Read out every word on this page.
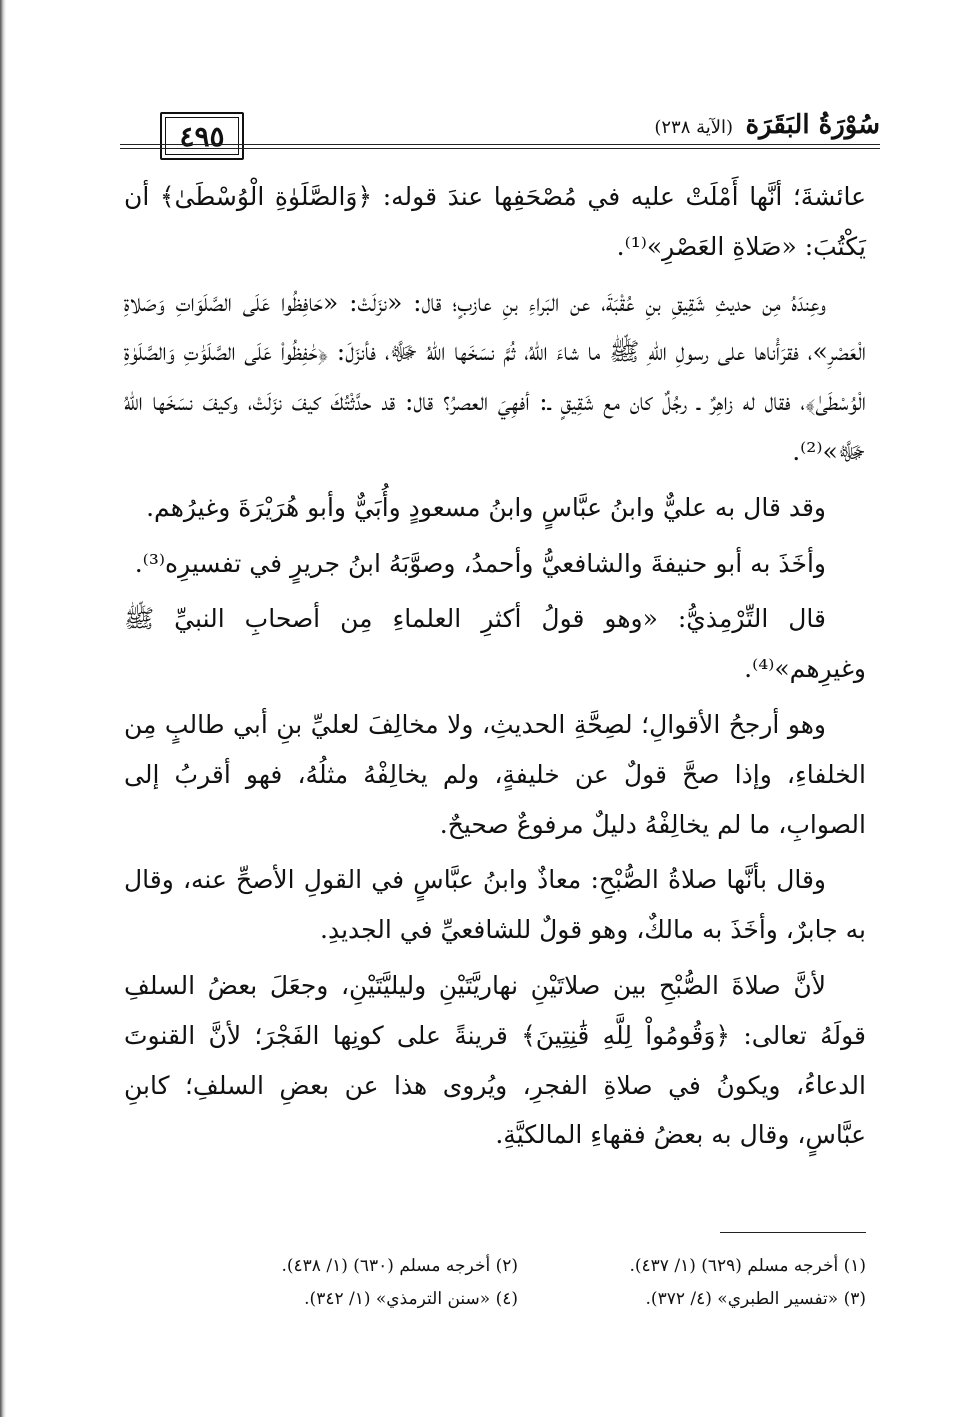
٤٩٥	سُوْرَةُ البَقَرَة (الآية ٢٣٨)

عائشةَ؛ أنَّها أَمْلَتْ عليه في مُصْحَفِها عندَ قوله: ﴿وَالصَّلَوٰةِ الْوُسْطَىٰ﴾ أن يَكْتُبَ: «صَلاةِ العَصْرِ»⁽¹⁾.

وعِندَهُ مِن حديثِ شَقِيقِ بنِ عُقْبَةَ، عن البَراءِ بنِ عازبٍ؛ قال: «نزَلَتْ: «حَافِظُوا عَلَى الصَّلَوَاتِ وَصَلاةِ الْعَصْرِ»، فقرَأْناها على رسولِ اللهِ ﷺ ما شاءَ اللهُ، ثُمَّ نسَخَها اللهُ ﷻ، فأنزَلَ: ﴿حَٰفِظُواْ عَلَى الصَّلَوَٰتِ وَالصَّلَوٰةِ الْوُسْطَىٰ﴾، فقال له زاهِرٌ ـ رجُلٌ كان مع شَقِيقٍ ـ: أفهِيَ العصرُ؟ قال: قد حدَّثْتُكَ كيفَ نزَلَتْ، وكيفَ نسَخَها اللهُ ﷻ»⁽²⁾.

وقد قال به عليٌّ وابنُ عبَّاسٍ وابنُ مسعودٍ وأُبَيٌّ وأبو هُرَيْرَةَ وغيرُهم.

وأخَذَ به أبو حنيفةَ والشافعيُّ وأحمدُ، وصوَّبَهُ ابنُ جريرٍ في تفسيرِه⁽³⁾.

قال التِّرْمِذيُّ: «وهو قولُ أكثرِ العلماءِ مِن أصحابِ النبيِّ ﷺ وغيرِهم»⁽⁴⁾.

وهو أرجحُ الأقوالِ؛ لصِحَّةِ الحديثِ، ولا مخالِفَ لعليِّ بنِ أبي طالبٍ مِن الخلفاءِ، وإذا صحَّ قولٌ عن خليفةٍ، ولم يخالِفْهُ مثلُهُ، فهو أقربُ إلى الصوابِ، ما لم يخالِفْهُ دليلٌ مرفوعٌ صحيحٌ.

وقال بأنَّها صلاةُ الصُّبْحِ: معاذٌ وابنُ عبَّاسٍ في القولِ الأصحِّ عنه، وقال به جابرٌ، وأخَذَ به مالكٌ، وهو قولٌ للشافعيِّ في الجديدِ.

لأنَّ صلاةَ الصُّبْحِ بين صلاتَيْنِ نهاريَّتَيْنِ وليليَّتَيْنِ، وجعَلَ بعضُ السلفِ قولَهُ تعالى: ﴿وَقُومُواْ لِلَّهِ قَٰنِتِينَ﴾ قرينةً على كونِها الفَجْرَ؛ لأنَّ القنوتَ الدعاءُ، ويكونُ في صلاةِ الفجرِ، ويُروى هذا عن بعضِ السلفِ؛ كابنِ عبَّاسٍ، وقال به بعضُ فقهاءِ المالكيَّةِ.

(١) أخرجه مسلم (٦٢٩) (١/ ٤٣٧).
(٢) أخرجه مسلم (٦٣٠) (١/ ٤٣٨).
(٣) «تفسير الطبري» (٤/ ٣٧٢).
(٤) «سنن الترمذي» (١/ ٣٤٢).
